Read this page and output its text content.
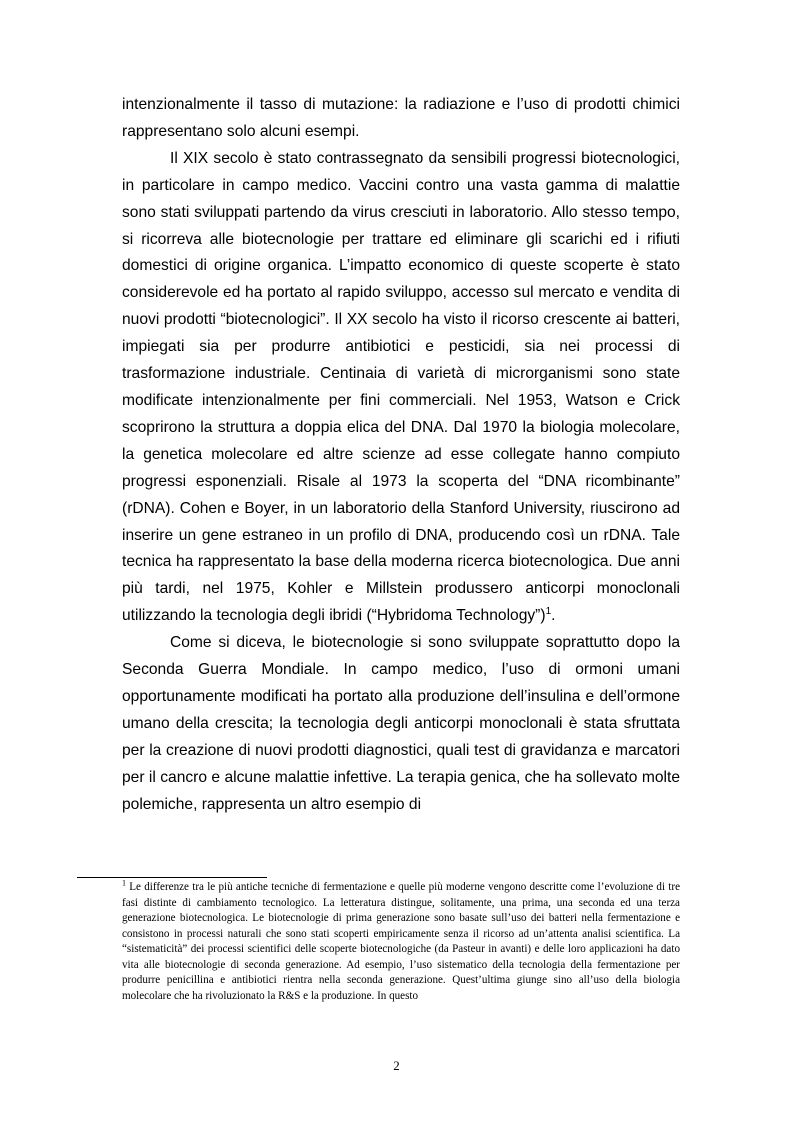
intenzionalmente il tasso di mutazione: la radiazione e l’uso di prodotti chimici rappresentano solo alcuni esempi.

Il XIX secolo è stato contrassegnato da sensibili progressi biotecnologici, in particolare in campo medico. Vaccini contro una vasta gamma di malattie sono stati sviluppati partendo da virus cresciuti in laboratorio. Allo stesso tempo, si ricorreva alle biotecnologie per trattare ed eliminare gli scarichi ed i rifiuti domestici di origine organica. L’impatto economico di queste scoperte è stato considerevole ed ha portato al rapido sviluppo, accesso sul mercato e vendita di nuovi prodotti “biotecnologici”. Il XX secolo ha visto il ricorso crescente ai batteri, impiegati sia per produrre antibiotici e pesticidi, sia nei processi di trasformazione industriale. Centinaia di varietà di microrganismi sono state modificate intenzionalmente per fini commerciali. Nel 1953, Watson e Crick scoprirono la struttura a doppia elica del DNA. Dal 1970 la biologia molecolare, la genetica molecolare ed altre scienze ad esse collegate hanno compiuto progressi esponenziali. Risale al 1973 la scoperta del “DNA ricombinante” (rDNA). Cohen e Boyer, in un laboratorio della Stanford University, riuscirono ad inserire un gene estraneo in un profilo di DNA, producendo così un rDNA. Tale tecnica ha rappresentato la base della moderna ricerca biotecnologica. Due anni più tardi, nel 1975, Kohler e Millstein produssero anticorpi monoclonali utilizzando la tecnologia degli ibridi (“Hybridoma Technology”)$^1$.

Come si diceva, le biotecnologie si sono sviluppate soprattutto dopo la Seconda Guerra Mondiale. In campo medico, l’uso di ormoni umani opportunamente modificati ha portato alla produzione dell’insulina e dell’ormone umano della crescita; la tecnologia degli anticorpi monoclonali è stata sfruttata per la creazione di nuovi prodotti diagnostici, quali test di gravidanza e marcatori per il cancro e alcune malattie infettive. La terapia genica, che ha sollevato molte polemiche, rappresenta un altro esempio di

$^1$ Le differenze tra le più antiche tecniche di fermentazione e quelle più moderne vengono descritte come l’evoluzione di tre fasi distinte di cambiamento tecnologico. La letteratura distingue, solitamente, una prima, una seconda ed una terza generazione biotecnologica. Le biotecnologie di prima generazione sono basate sull’uso dei batteri nella fermentazione e consistono in processi naturali che sono stati scoperti empiricamente senza il ricorso ad un’attenta analisi scientifica. La “sistematicità” dei processi scientifici delle scoperte biotecnologiche (da Pasteur in avanti) e delle loro applicazioni ha dato vita alle biotecnologie di seconda generazione. Ad esempio, l’uso sistematico della tecnologia della fermentazione per produrre penicillina e antibiotici rientra nella seconda generazione. Quest’ultima giunge sino all’uso della biologia molecolare che ha rivoluzionato la R&S e la produzione. In questo

2
